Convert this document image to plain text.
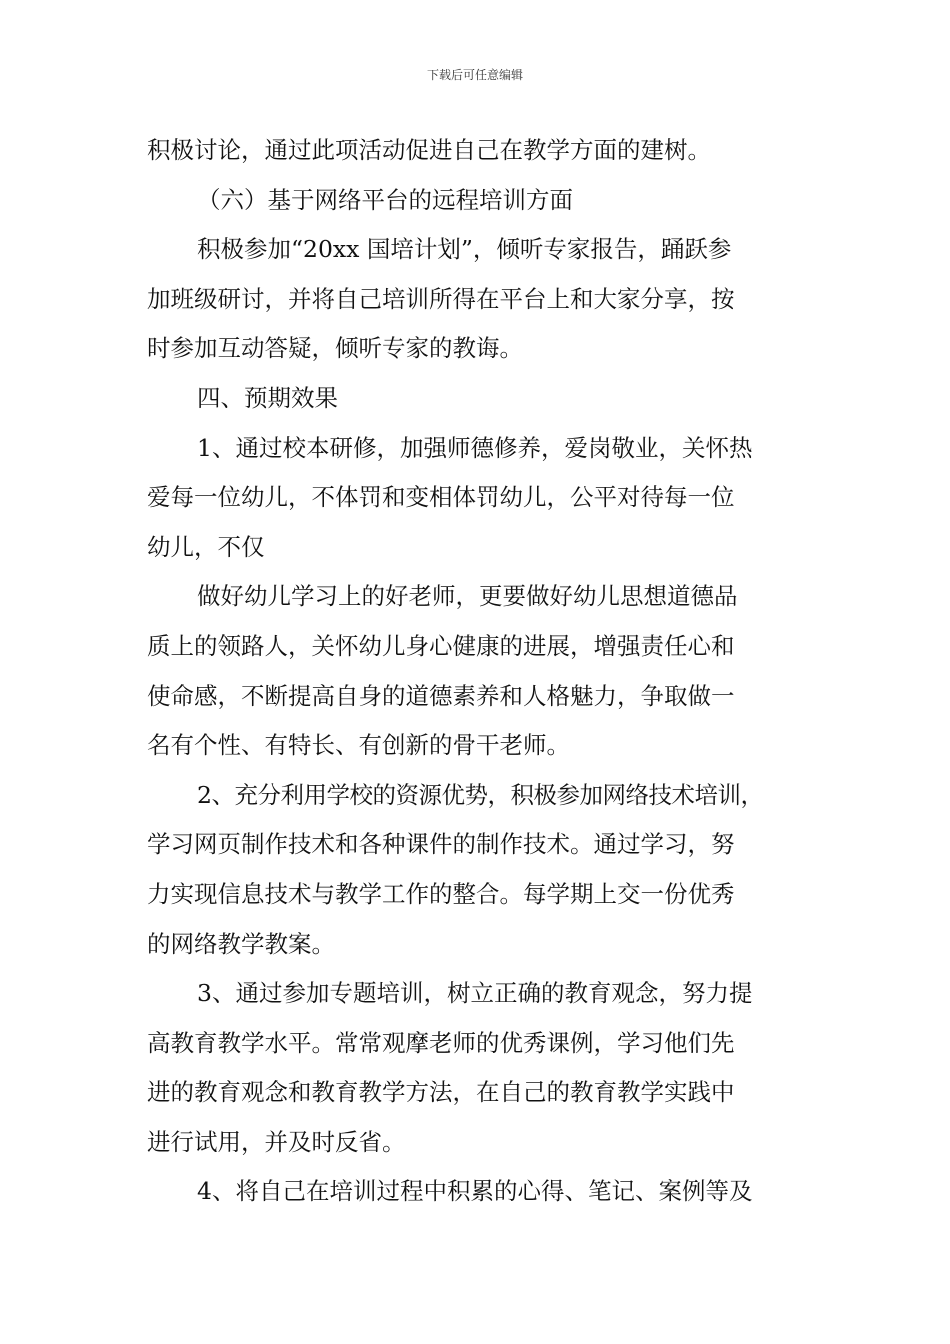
下载后可任意编辑
积极讨论，通过此项活动促进自己在教学方面的建树。
（六）基于网络平台的远程培训方面
积极参加“20xx 国培计划”，倾听专家报告，踊跃参
加班级研讨，并将自己培训所得在平台上和大家分享，按
时参加互动答疑，倾听专家的教诲。
四、预期效果
1、通过校本研修，加强师德修养，爱岗敬业，关怀热
爱每一位幼儿，不体罚和变相体罚幼儿，公平对待每一位
幼儿，不仅
做好幼儿学习上的好老师，更要做好幼儿思想道德品
质上的领路人，关怀幼儿身心健康的进展，增强责任心和
使命感，不断提高自身的道德素养和人格魅力，争取做一
名有个性、有特长、有创新的骨干老师。
2、充分利用学校的资源优势，积极参加网络技术培训，
学习网页制作技术和各种课件的制作技术。通过学习，努
力实现信息技术与教学工作的整合。每学期上交一份优秀
的网络教学教案。
3、通过参加专题培训，树立正确的教育观念，努力提
高教育教学水平。常常观摩老师的优秀课例，学习他们先
进的教育观念和教育教学方法，在自己的教育教学实践中
进行试用，并及时反省。
4、将自己在培训过程中积累的心得、笔记、案例等及
